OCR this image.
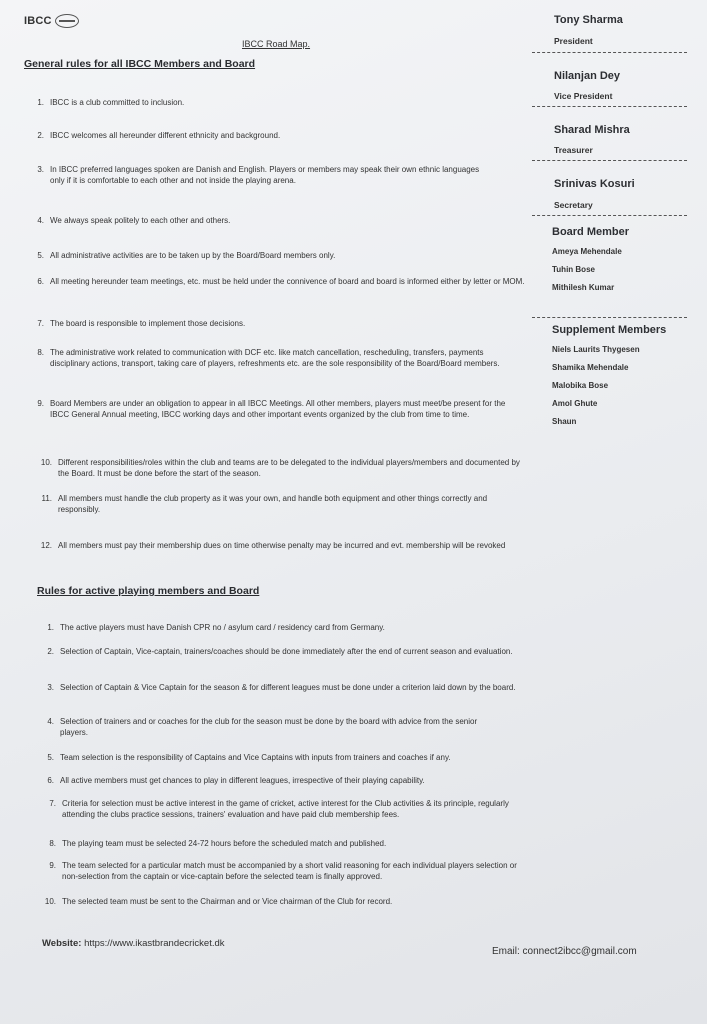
IBCC
IBCC Road Map.
General rules for all IBCC Members and Board
1. IBCC is a club committed to inclusion.
2. IBCC welcomes all hereunder different ethnicity and background.
3. In IBCC preferred languages spoken are Danish and English. Players or members may speak their own ethnic languages only if it is comfortable to each other and not inside the playing arena.
4. We always speak politely to each other and others.
5. All administrative activities are to be taken up by the Board/Board members only.
6. All meeting hereunder team meetings, etc. must be held under the connivence of board and board is informed either by letter or MOM.
7. The board is responsible to implement those decisions.
8. The administrative work related to communication with DCF etc. like match cancellation, rescheduling, transfers, payments disciplinary actions, transport, taking care of players, refreshments etc. are the sole responsibility of the Board/Board members.
9. Board Members are under an obligation to appear in all IBCC Meetings. All other members, players must meet/be present for the IBCC General Annual meeting, IBCC working days and other important events organized by the club from time to time.
10. Different responsibilities/roles within the club and teams are to be delegated to the individual players/members and documented by the Board. It must be done before the start of the season.
11. All members must handle the club property as it was your own, and handle both equipment and other things correctly and responsibly.
12. All members must pay their membership dues on time otherwise penalty may be incurred and evt. membership will be revoked
Rules for active playing members and Board
1. The active players must have Danish CPR no / asylum card / residency card from Germany.
2. Selection of Captain, Vice-captain, trainers/coaches should be done immediately after the end of current season and evaluation.
3. Selection of Captain & Vice Captain for the season & for different leagues must be done under a criterion laid down by the board.
4. Selection of trainers and or coaches for the club for the season must be done by the board with advice from the senior players.
5. Team selection is the responsibility of Captains and Vice Captains with inputs from trainers and coaches if any.
6. All active members must get chances to play in different leagues, irrespective of their playing capability.
7. Criteria for selection must be active interest in the game of cricket, active interest for the Club activities & its principle, regularly attending the clubs practice sessions, trainers' evaluation and have paid club membership fees.
8. The playing team must be selected 24-72 hours before the scheduled match and published.
9. The team selected for a particular match must be accompanied by a short valid reasoning for each individual players selection or non-selection from the captain or vice-captain before the selected team is finally approved.
10. The selected team must be sent to the Chairman and or Vice chairman of the Club for record.
Tony Sharma
President
Nilanjan Dey
Vice President
Sharad Mishra
Treasurer
Srinivas Kosuri
Secretary
Board Member
Ameya Mehendale
Tuhin Bose
Mithilesh Kumar
Supplement Members
Niels Laurits Thygesen
Shamika Mehendale
Malobika Bose
Amol Ghute
Shaun
Website: https://www.ikastbrandecricket.dk
Email: connect2ibcc@gmail.com
